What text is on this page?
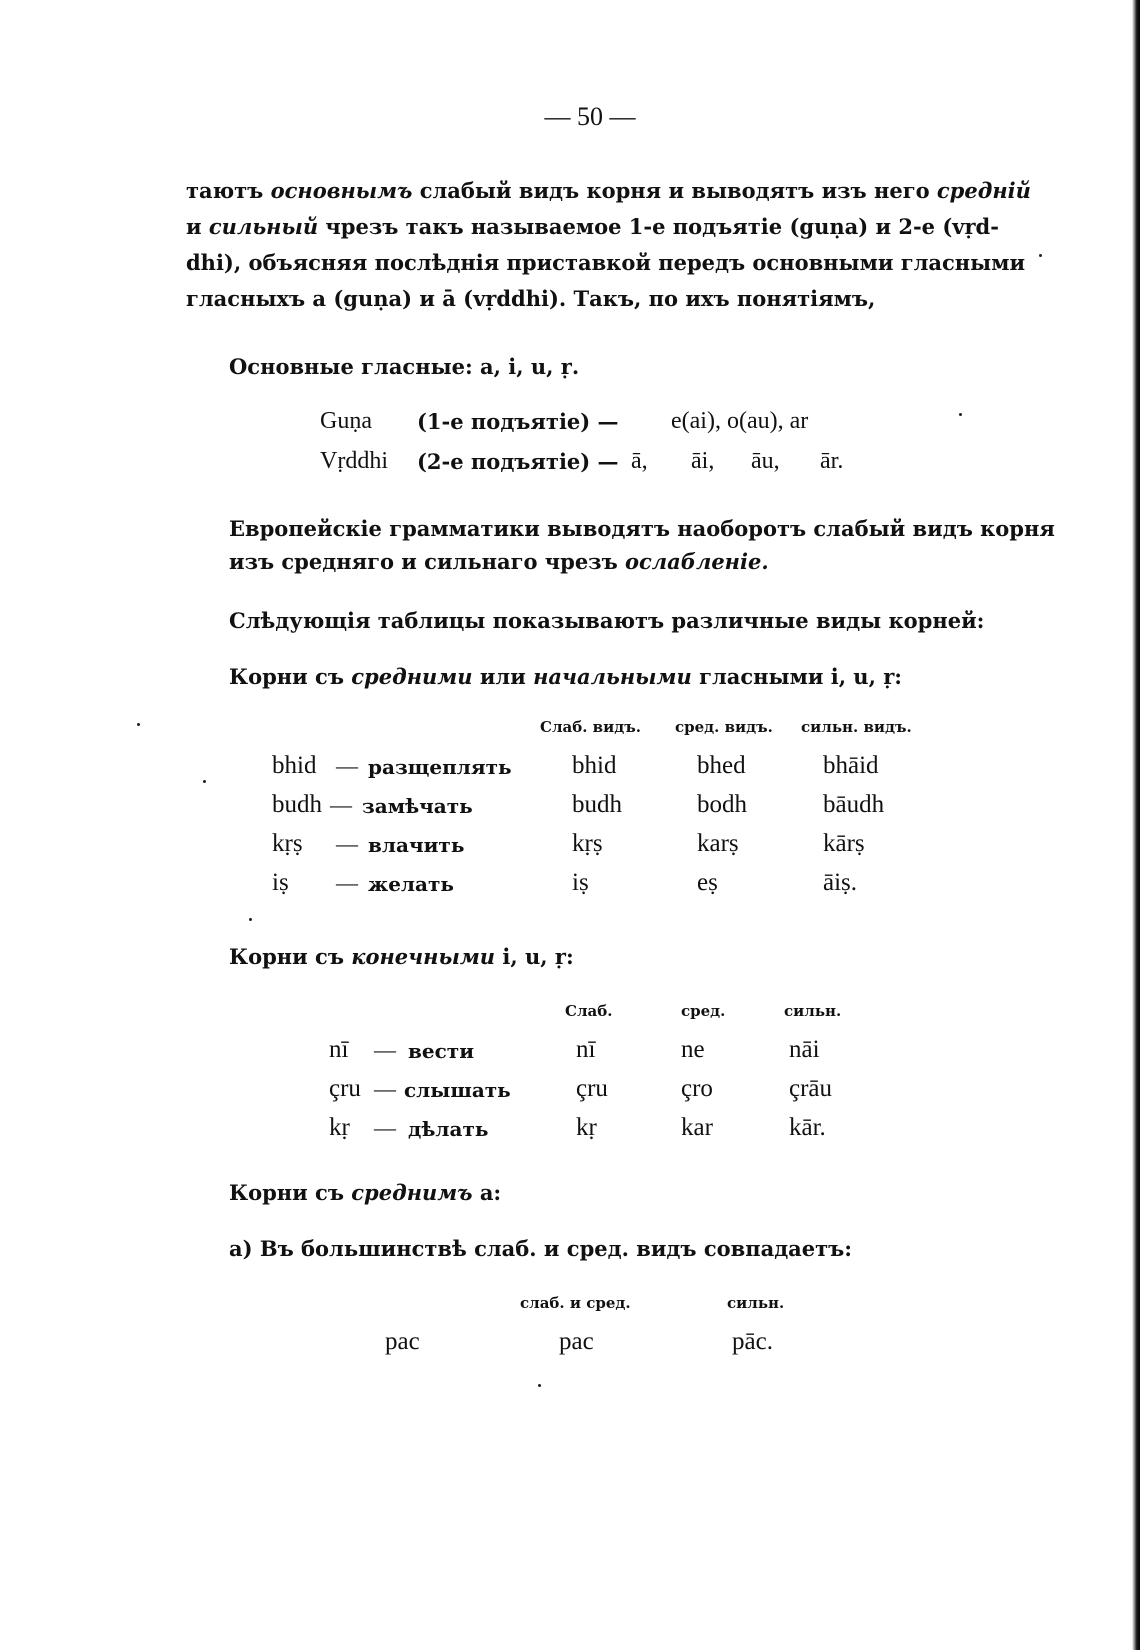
— 50 —
таютъ основнымъ слабый видъ корня и выводятъ изъ него средній
и сильный чрезъ такъ называемое 1-е подъятіе (guṇa) и 2-е (vṛd-
dhi), объясняя послѣднія приставкой передъ основными гласными
гласныхъ a (guṇa) и ā (vṛddhi). Такъ, по ихъ понятіямъ,
Основные гласные: a, i, u, ṛ.
Guṇa (1-е подъятіе) — e(ai), o(au), ar
Vṛddhi (2-е подъятіе) — ā, āi, āu, ār.
Европейскіе грамматики выводятъ наоборотъ слабый видъ корня
изъ средняго и сильнаго чрезъ ослабленіе.
Слѣдующія таблицы показываютъ различные виды корней:
Корни съ средними или начальными гласными i, u, ṛ:
Слаб. видъ. сред. видъ. сильн. видъ.
bhid — разщеплять bhid	bhed	bhāid
budh — замѣчать	budh	bodh	bāudh
kṛṣ — влачить	kṛṣ	karṣ	kārṣ
iṣ — желать	iṣ	eṣ	āiṣ.
Корни съ конечными i, u, ṛ:
Слаб.	сред.	сильн.
nī — вести	nī	ne	nāi
çru — слышать	çru	çro	çrāu
kṛ — дѣлать	kṛ	kar	kār.
Корни съ среднимъ a:
a) Въ большинствѣ слаб. и сред. видъ совпадаетъ:
слаб. и сред.	сильн.
pac	pac	pāc.
